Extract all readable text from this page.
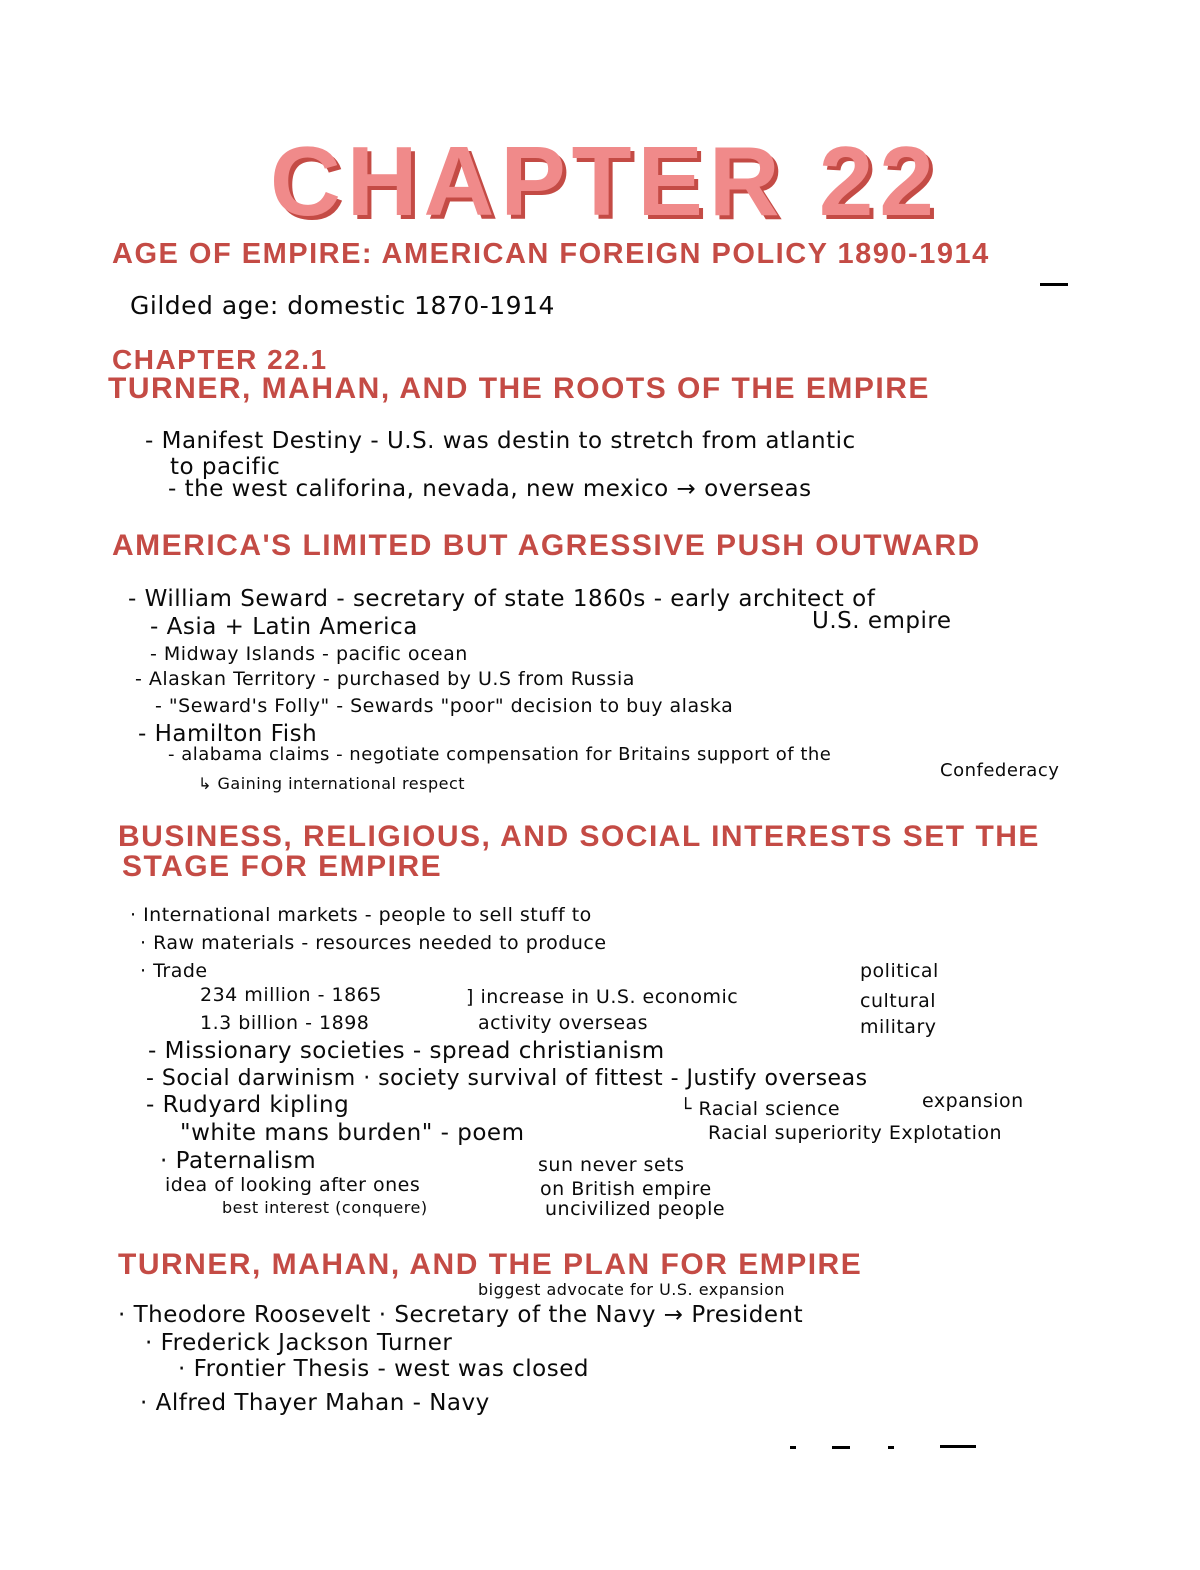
CHAPTER 22
AGE OF EMPIRE: AMERICAN FOREIGN POLICY 1890-1914
Gilded age: domestic 1870-1914
CHAPTER 22.1
TURNER, MAHAN, AND THE ROOTS OF THE EMPIRE
- Manifest Destiny - U.S. was destin to stretch from atlantic
to pacific
- the west califorina, nevada, new mexico → overseas
AMERICA'S LIMITED BUT AGRESSIVE PUSH OUTWARD
- William Seward - secretary of state 1860s - early architect of
U.S. empire
- Asia + Latin America
- Midway Islands - pacific ocean
- Alaskan Territory - purchased by U.S from Russia
- "Seward's Folly" - Sewards "poor" decision to buy alaska
- Hamilton Fish
- alabama claims - negotiate compensation for Britains support of the
Confederacy
↳ Gaining international respect
BUSINESS, RELIGIOUS, AND SOCIAL INTERESTS SET THE
STAGE FOR EMPIRE
· International markets - people to sell stuff to
· Raw materials - resources needed to produce
· Trade
234 million - 1865
1.3 billion - 1898
] increase in U.S. economic
activity overseas
political
cultural
military
- Missionary societies - spread christianism
- Social darwinism · society survival of fittest - Justify overseas
expansion
- Rudyard kipling	└ Racial science
"white mans burden" - poem	Racial superiority Explotation
· Paternalism
idea of looking after ones
best interest (conquere)
sun never sets
on British empire
uncivilized people
TURNER, MAHAN, AND THE PLAN FOR EMPIRE
biggest advocate for U.S. expansion
· Theodore Roosevelt · Secretary of the Navy → President
· Frederick Jackson Turner
· Frontier Thesis - west was closed
· Alfred Thayer Mahan - Navy
